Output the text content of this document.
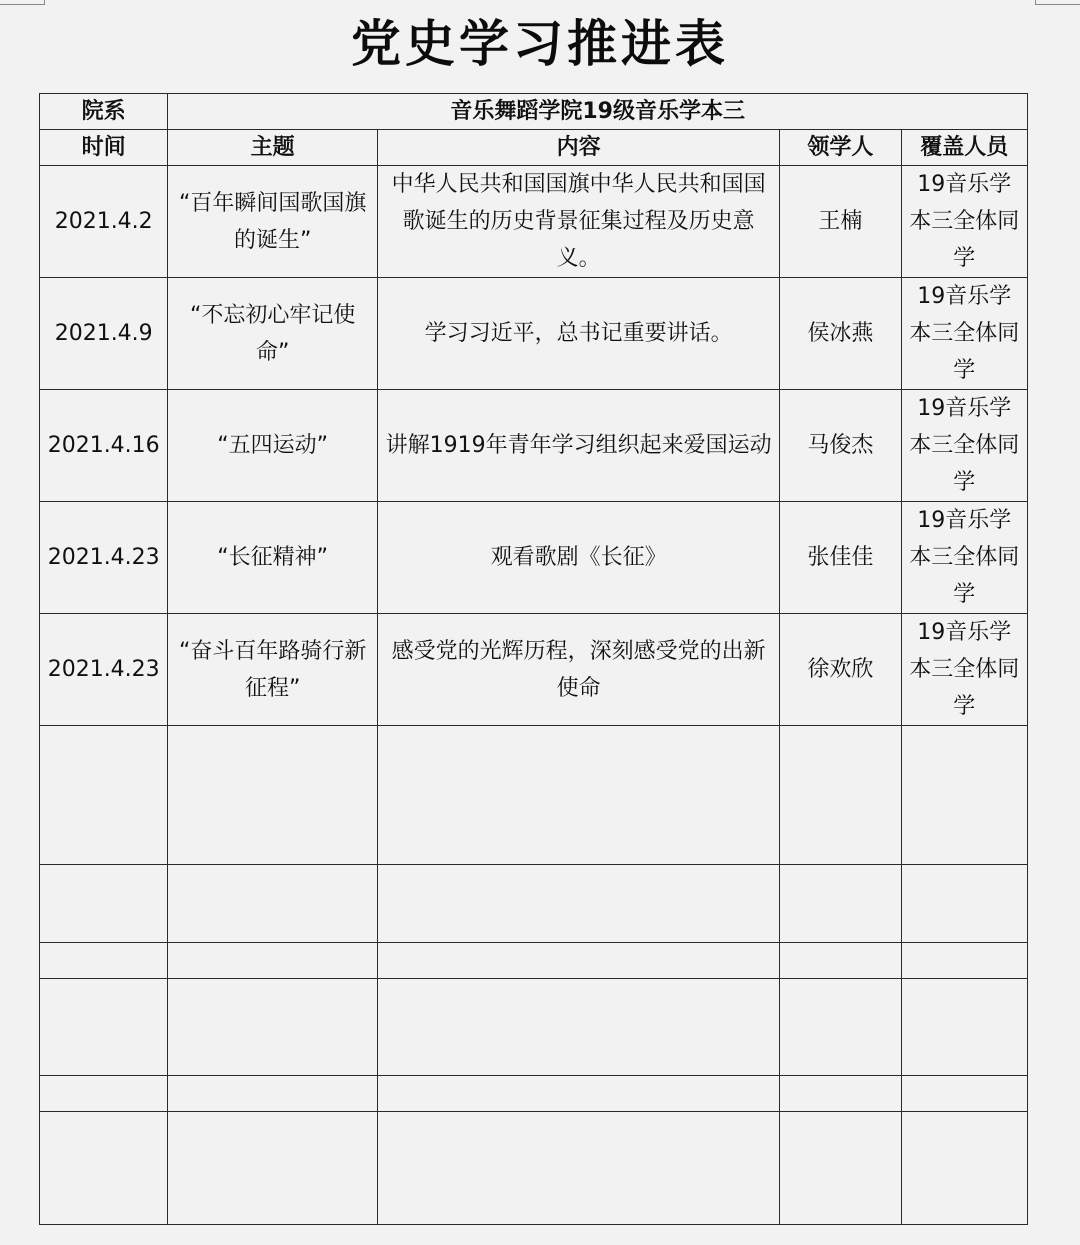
党史学习推进表
院系	音乐舞蹈学院19级音乐学本三			
时间	主题	内容	领学人	覆盖人员
2021.4.2	“百年瞬间国歌国旗的诞生”	中华人民共和国国旗中华人民共和国国歌诞生的历史背景征集过程及历史意义。	王楠	19音乐学本三全体同学
2021.4.9	“不忘初心牢记使命”	学习习近平，总书记重要讲话。	侯冰燕	19音乐学本三全体同学
2021.4.16	“五四运动”	讲解1919年青年学习组织起来爱国运动	马俊杰	19音乐学本三全体同学
2021.4.23	“长征精神”	观看歌剧《长征》	张佳佳	19音乐学本三全体同学
2021.4.23	“奋斗百年路骑行新征程”	感受党的光辉历程，深刻感受党的出新使命	徐欢欣	19音乐学本三全体同学
